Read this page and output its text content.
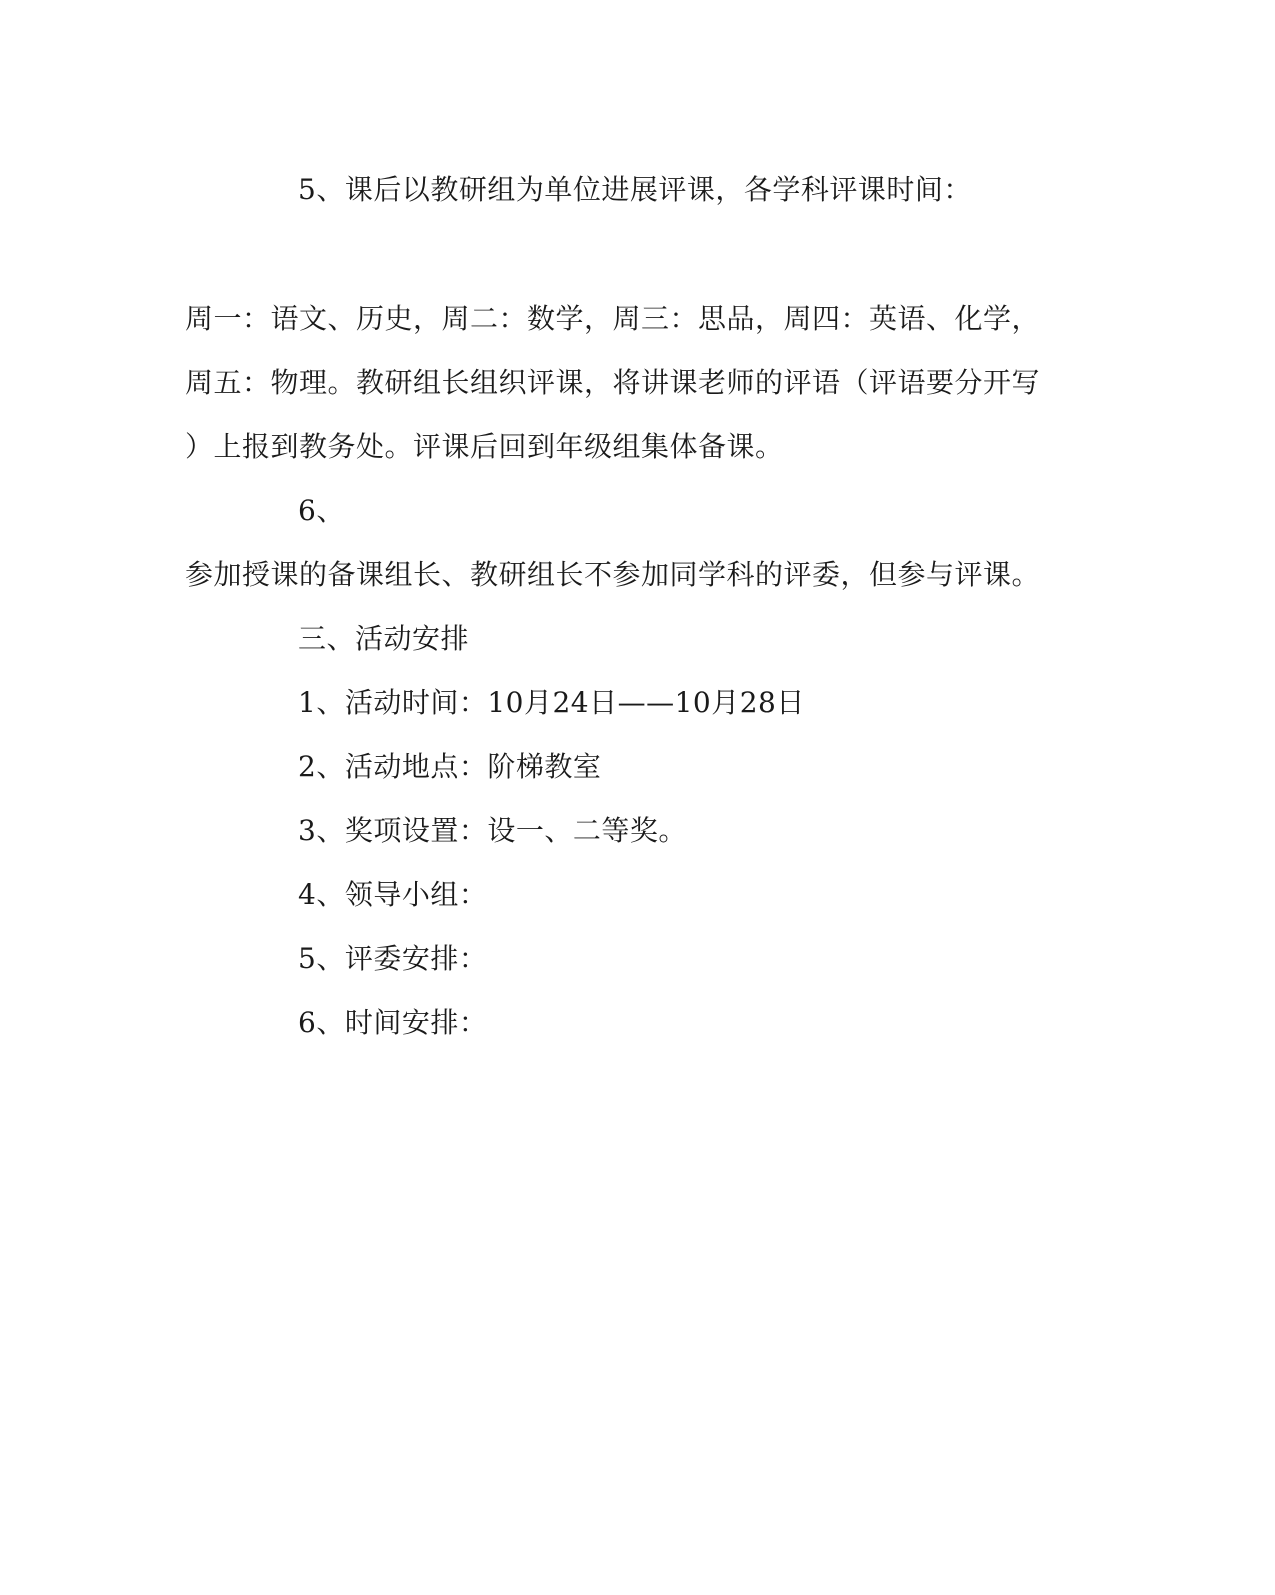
5、课后以教研组为单位进展评课，各学科评课时间：
周一：语文、历史，周二：数学，周三：思品，周四：英语、化学，
周五：物理。教研组长组织评课，将讲课老师的评语（评语要分开写
）上报到教务处。评课后回到年级组集体备课。
6、
参加授课的备课组长、教研组长不参加同学科的评委，但参与评课。
三、活动安排
1、活动时间：10月24日——10月28日
2、活动地点：阶梯教室
3、奖项设置：设一、二等奖。
4、领导小组：
5、评委安排：
6、时间安排：
